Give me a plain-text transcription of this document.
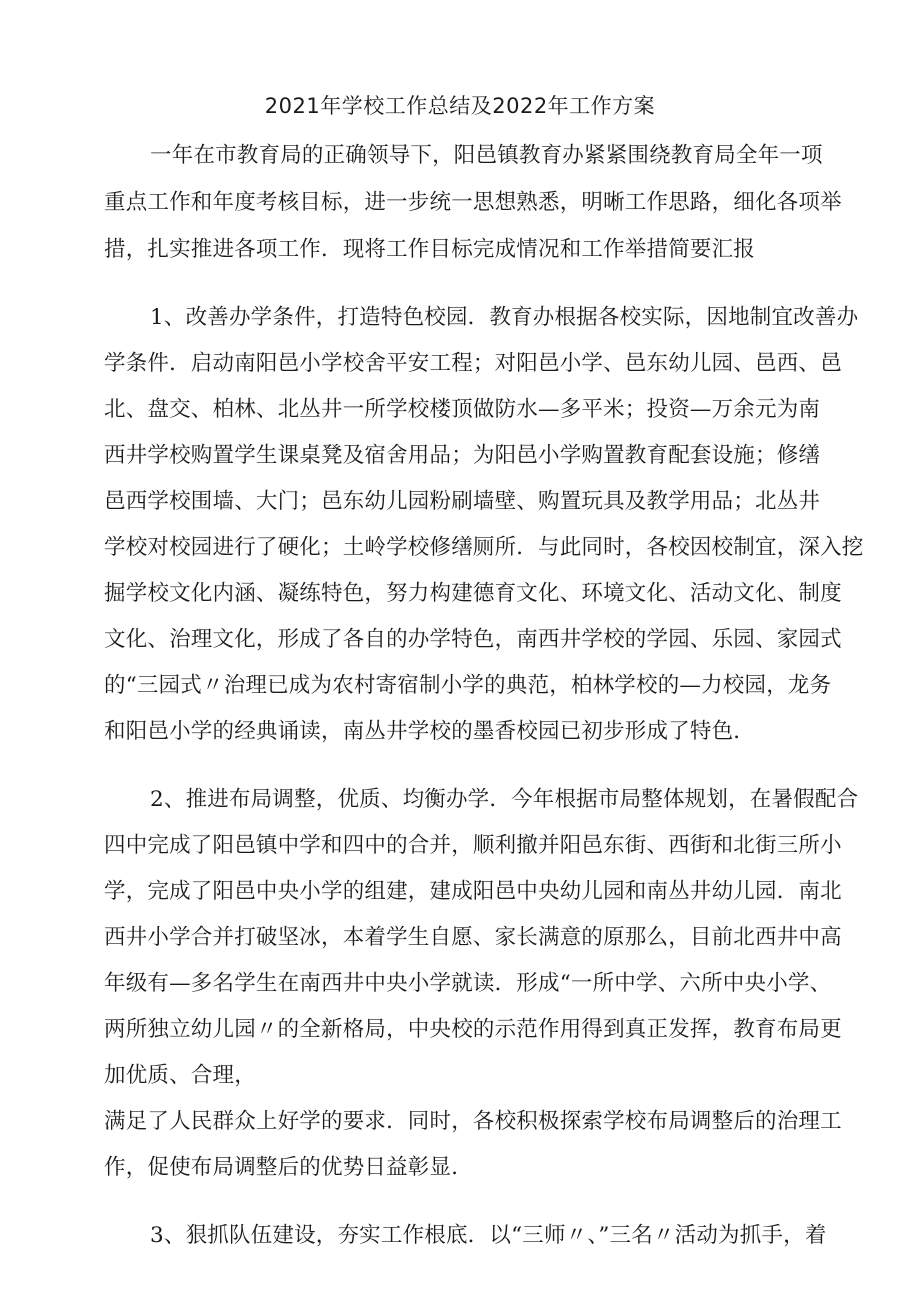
2021年学校工作总结及2022年工作方案
一年在市教育局的正确领导下，阳邑镇教育办紧紧围绕教育局全年一项
重点工作和年度考核目标，进一步统一思想熟悉，明晰工作思路，细化各项举
措，扎实推进各项工作．现将工作目标完成情况和工作举措简要汇报
1、改善办学条件，打造特色校园．教育办根据各校实际，因地制宜改善办
学条件．启动南阳邑小学校舍平安工程；对阳邑小学、邑东幼儿园、邑西、邑
北、盘交、柏林、北丛井一所学校楼顶做防水—多平米；投资—万余元为南
西井学校购置学生课桌凳及宿舍用品；为阳邑小学购置教育配套设施；修缮
邑西学校围墙、大门；邑东幼儿园粉刷墙壁、购置玩具及教学用品；北丛井
学校对校园进行了硬化；土岭学校修缮厕所．与此同时，各校因校制宜，深入挖
掘学校文化内涵、凝练特色，努力构建德育文化、环境文化、活动文化、制度
文化、治理文化，形成了各自的办学特色，南西井学校的学园、乐园、家园式
的“三园式〃治理已成为农村寄宿制小学的典范，柏林学校的—力校园，龙务
和阳邑小学的经典诵读，南丛井学校的墨香校园已初步形成了特色．
2、推进布局调整，优质、均衡办学．今年根据市局整体规划，在暑假配合
四中完成了阳邑镇中学和四中的合并，顺利撤并阳邑东街、西街和北街三所小
学，完成了阳邑中央小学的组建，建成阳邑中央幼儿园和南丛井幼儿园．南北
西井小学合并打破坚冰，本着学生自愿、家长满意的原那么，目前北西井中高
年级有—多名学生在南西井中央小学就读．形成“一所中学、六所中央小学、
两所独立幼儿园〃的全新格局，中央校的示范作用得到真正发挥，教育布局更
加优质、合理，
满足了人民群众上好学的要求．同时，各校积极探索学校布局调整后的治理工
作，促使布局调整后的优势日益彰显．
3、狠抓队伍建设，夯实工作根底．以“三师〃、”三名〃活动为抓手，着
